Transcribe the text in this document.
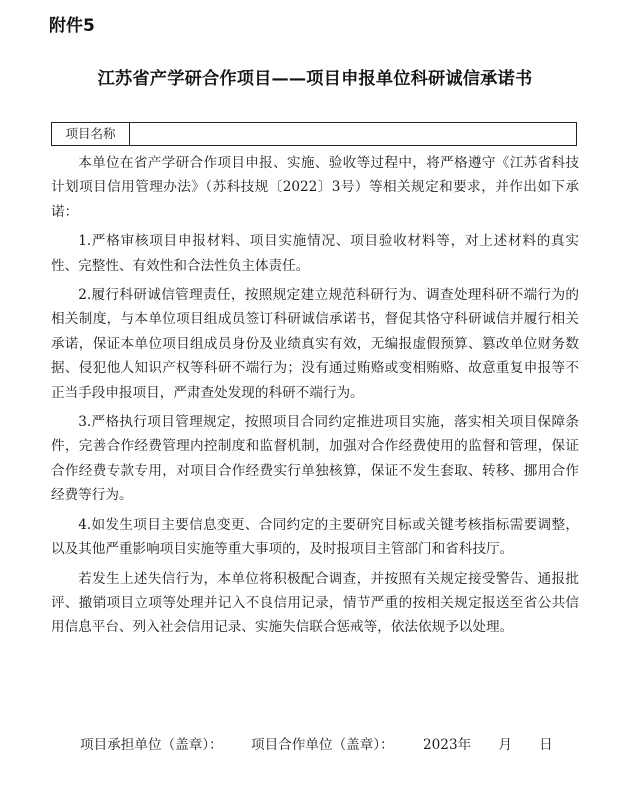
附件5
江苏省产学研合作项目——项目申报单位科研诚信承诺书
项目名称

本单位在省产学研合作项目申报、实施、验收等过程中，将严格遵守《江苏省科技计划项目信用管理办法》（苏科技规〔2022〕3号）等相关规定和要求，并作出如下承诺：

1.严格审核项目申报材料、项目实施情况、项目验收材料等，对上述材料的真实性、完整性、有效性和合法性负主体责任。

2.履行科研诚信管理责任，按照规定建立规范科研行为、调查处理科研不端行为的相关制度，与本单位项目组成员签订科研诚信承诺书，督促其恪守科研诚信并履行相关承诺，保证本单位项目组成员身份及业绩真实有效，无编报虚假预算、篡改单位财务数据、侵犯他人知识产权等科研不端行为；没有通过贿赂或变相贿赂、故意重复申报等不正当手段申报项目，严肃查处发现的科研不端行为。

3.严格执行项目管理规定，按照项目合同约定推进项目实施，落实相关项目保障条件，完善合作经费管理内控制度和监督机制，加强对合作经费使用的监督和管理，保证合作经费专款专用，对项目合作经费实行单独核算，保证不发生套取、转移、挪用合作经费等行为。

4.如发生项目主要信息变更、合同约定的主要研究目标或关键考核指标需要调整，以及其他严重影响项目实施等重大事项的，及时报项目主管部门和省科技厅。

若发生上述失信行为，本单位将积极配合调查，并按照有关规定接受警告、通报批评、撤销项目立项等处理并记入不良信用记录，情节严重的按相关规定报送至省公共信用信息平台、列入社会信用记录、实施失信联合惩戒等，依法依规予以处理。

项目承担单位（盖章）： 项目合作单位（盖章）： 2023年　　月　　日
